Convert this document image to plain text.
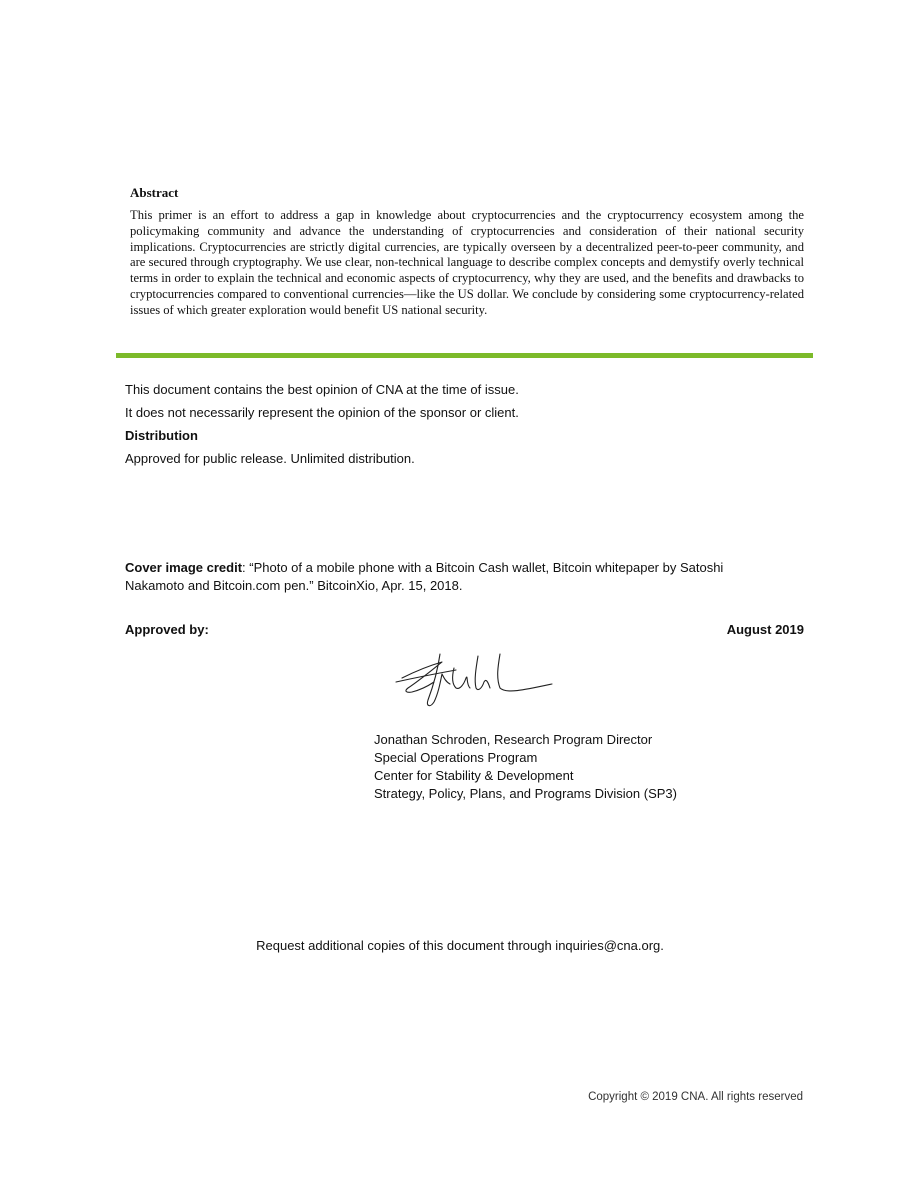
Abstract

This primer is an effort to address a gap in knowledge about cryptocurrencies and the cryptocurrency ecosystem among the policymaking community and advance the understanding of cryptocurrencies and consideration of their national security implications. Cryptocurrencies are strictly digital currencies, are typically overseen by a decentralized peer-to-peer community, and are secured through cryptography. We use clear, non-technical language to describe complex concepts and demystify overly technical terms in order to explain the technical and economic aspects of cryptocurrency, why they are used, and the benefits and drawbacks to cryptocurrencies compared to conventional currencies—like the US dollar. We conclude by considering some cryptocurrency-related issues of which greater exploration would benefit US national security.

This document contains the best opinion of CNA at the time of issue.
It does not necessarily represent the opinion of the sponsor or client.
Distribution
Approved for public release. Unlimited distribution.
Cover image credit: “Photo of a mobile phone with a Bitcoin Cash wallet, Bitcoin whitepaper by Satoshi Nakamoto and Bitcoin.com pen.” BitcoinXio, Apr. 15, 2018.
Approved by:	August 2019
Jonathan Schroden, Research Program Director
Special Operations Program
Center for Stability & Development
Strategy, Policy, Plans, and Programs Division (SP3)
Request additional copies of this document through inquiries@cna.org.
Copyright © 2019 CNA. All rights reserved
